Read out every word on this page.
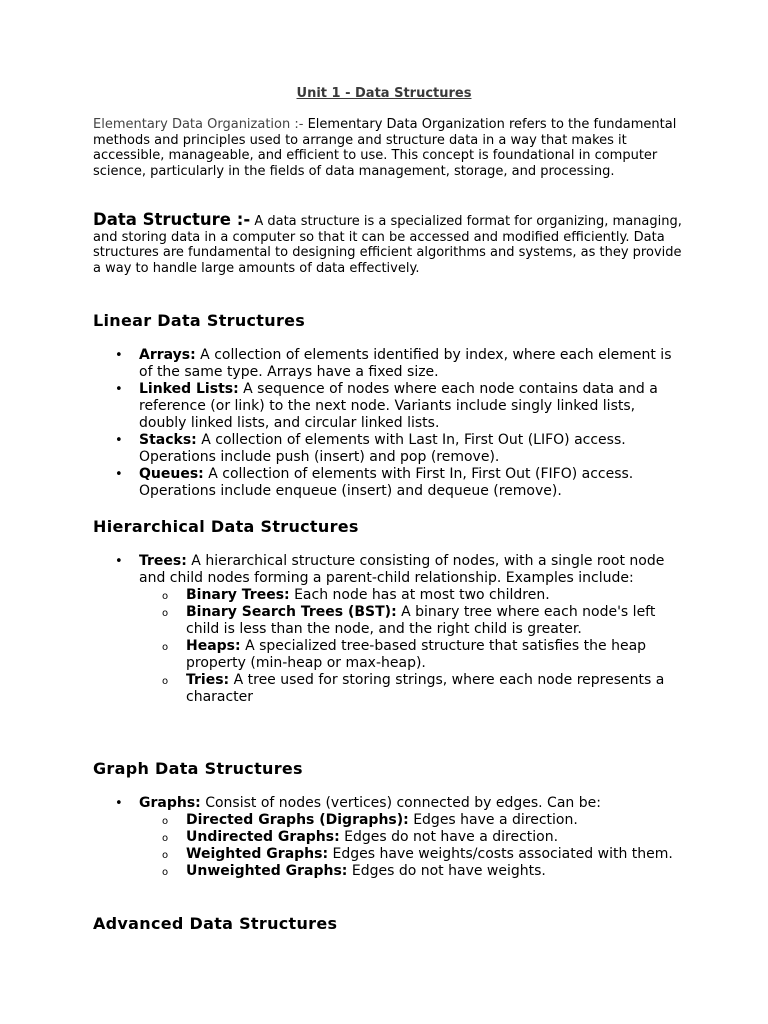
Unit 1 - Data Structures

Elementary Data Organization :- Elementary Data Organization refers to the fundamental methods and principles used to arrange and structure data in a way that makes it accessible, manageable, and efficient to use. This concept is foundational in computer science, particularly in the fields of data management, storage, and processing.

Data Structure :- A data structure is a specialized format for organizing, managing, and storing data in a computer so that it can be accessed and modified efficiently. Data structures are fundamental to designing efficient algorithms and systems, as they provide a way to handle large amounts of data effectively.

Linear Data Structures
• Arrays: A collection of elements identified by index, where each element is of the same type. Arrays have a fixed size.
• Linked Lists: A sequence of nodes where each node contains data and a reference (or link) to the next node. Variants include singly linked lists, doubly linked lists, and circular linked lists.
• Stacks: A collection of elements with Last In, First Out (LIFO) access. Operations include push (insert) and pop (remove).
• Queues: A collection of elements with First In, First Out (FIFO) access. Operations include enqueue (insert) and dequeue (remove).
Hierarchical Data Structures
• Trees: A hierarchical structure consisting of nodes, with a single root node and child nodes forming a parent-child relationship. Examples include:
o Binary Trees: Each node has at most two children.
o Binary Search Trees (BST): A binary tree where each node's left child is less than the node, and the right child is greater.
o Heaps: A specialized tree-based structure that satisfies the heap property (min-heap or max-heap).
o Tries: A tree used for storing strings, where each node represents a character
Graph Data Structures
• Graphs: Consist of nodes (vertices) connected by edges. Can be:
o Directed Graphs (Digraphs): Edges have a direction.
o Undirected Graphs: Edges do not have a direction.
o Weighted Graphs: Edges have weights/costs associated with them.
o Unweighted Graphs: Edges do not have weights.
Advanced Data Structures
